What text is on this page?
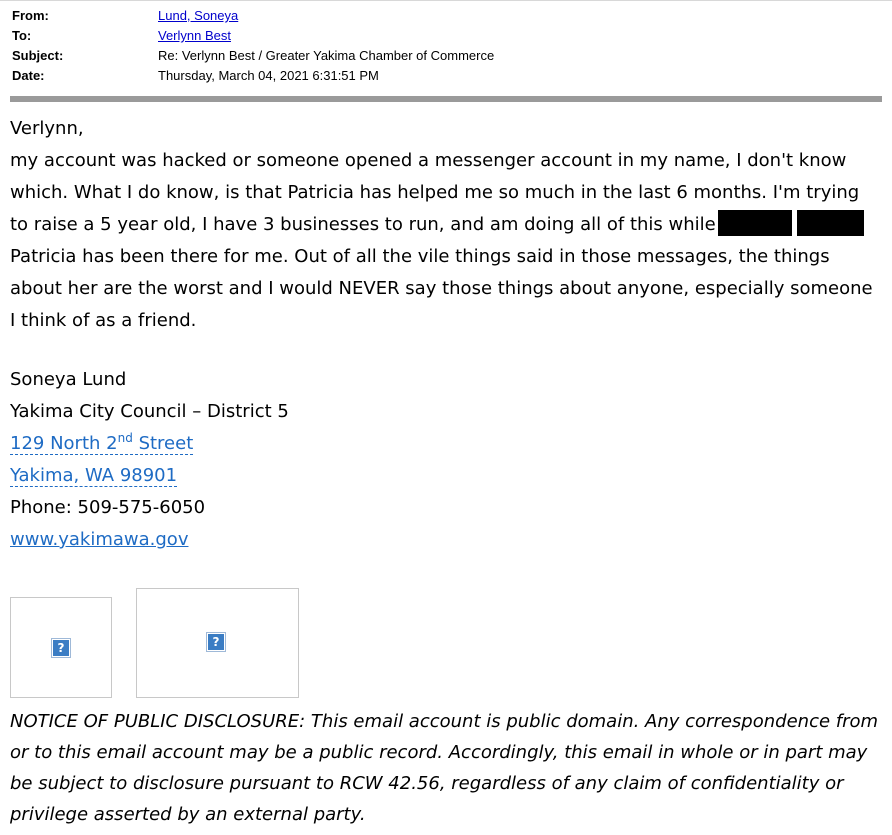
From:	Lund, Soneya
To:	Verlynn Best
Subject:	Re: Verlynn Best / Greater Yakima Chamber of Commerce
Date:	Thursday, March 04, 2021 6:31:51 PM

Verlynn,

my account was hacked or someone opened a messenger account in my name, I don't know which. What I do know, is that Patricia has helped me so much in the last 6 months. I'm trying to raise a 5 year old, I have 3 businesses to run, and am doing all of this while  Patricia has been there for me. Out of all the vile things said in those messages, the things about her are the worst and I would NEVER say those things about anyone, especially someone I think of as a friend.

Soneya Lund
Yakima City Council – District 5
129 North 2nd Street
Yakima, WA 98901
Phone: 509-575-6050
www.yakimawa.gov
?	?
NOTICE OF PUBLIC DISCLOSURE: This email account is public domain. Any correspondence from or to this email account may be a public record. Accordingly, this email in whole or in part may be subject to disclosure pursuant to RCW 42.56, regardless of any claim of confidentiality or privilege asserted by an external party.
